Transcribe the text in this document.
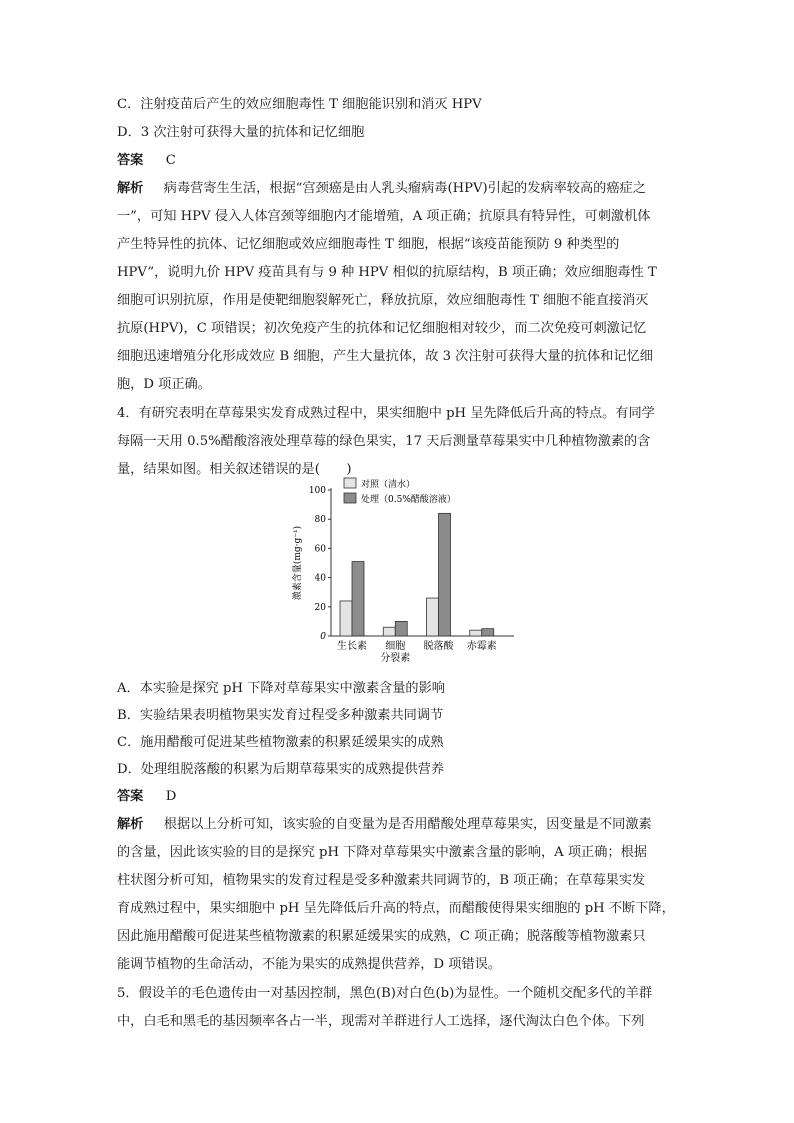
C．注射疫苗后产生的效应细胞毒性 T 细胞能识别和消灭 HPV
D．3 次注射可获得大量的抗体和记忆细胞
答案 C
解析 病毒营寄生生活，根据“宫颈癌是由人乳头瘤病毒(HPV)引起的发病率较高的癌症之
一”，可知 HPV 侵入人体宫颈等细胞内才能增殖，A 项正确；抗原具有特异性，可刺激机体
产生特异性的抗体、记忆细胞或效应细胞毒性 T 细胞，根据“该疫苗能预防 9 种类型的
HPV”，说明九价 HPV 疫苗具有与 9 种 HPV 相似的抗原结构，B 项正确；效应细胞毒性 T
细胞可识别抗原，作用是使靶细胞裂解死亡，释放抗原，效应细胞毒性 T 细胞不能直接消灭
抗原(HPV)，C 项错误；初次免疫产生的抗体和记忆细胞相对较少，而二次免疫可刺激记忆
细胞迅速增殖分化形成效应 B 细胞，产生大量抗体，故 3 次注射可获得大量的抗体和记忆细
胞，D 项正确。
4．有研究表明在草莓果实发育成熟过程中，果实细胞中 pH 呈先降低后升高的特点。有同学
每隔一天用 0.5%醋酸溶液处理草莓的绿色果实，17 天后测量草莓果实中几种植物激素的含
量，结果如图。相关叙述错误的是(　　)
激素含量(mg·g⁻¹)
0
20
40
60
80
100
生长素 细胞
分裂素
脱落酸 赤霉素
对照（清水）
处理（0.5%醋酸溶液）
A．本实验是探究 pH 下降对草莓果实中激素含量的影响
B．实验结果表明植物果实发育过程受多种激素共同调节
C．施用醋酸可促进某些植物激素的积累延缓果实的成熟
D．处理组脱落酸的积累为后期草莓果实的成熟提供营养
答案 D
解析 根据以上分析可知，该实验的自变量为是否用醋酸处理草莓果实，因变量是不同激素
的含量，因此该实验的目的是探究 pH 下降对草莓果实中激素含量的影响，A 项正确；根据
柱状图分析可知，植物果实的发育过程是受多种激素共同调节的，B 项正确；在草莓果实发
育成熟过程中，果实细胞中 pH 呈先降低后升高的特点，而醋酸使得果实细胞的 pH 不断下降，
因此施用醋酸可促进某些植物激素的积累延缓果实的成熟，C 项正确；脱落酸等植物激素只
能调节植物的生命活动，不能为果实的成熟提供营养，D 项错误。
5．假设羊的毛色遗传由一对基因控制，黑色(B)对白色(b)为显性。一个随机交配多代的羊群
中，白毛和黑毛的基因频率各占一半，现需对羊群进行人工选择，逐代淘汰白色个体。下列
